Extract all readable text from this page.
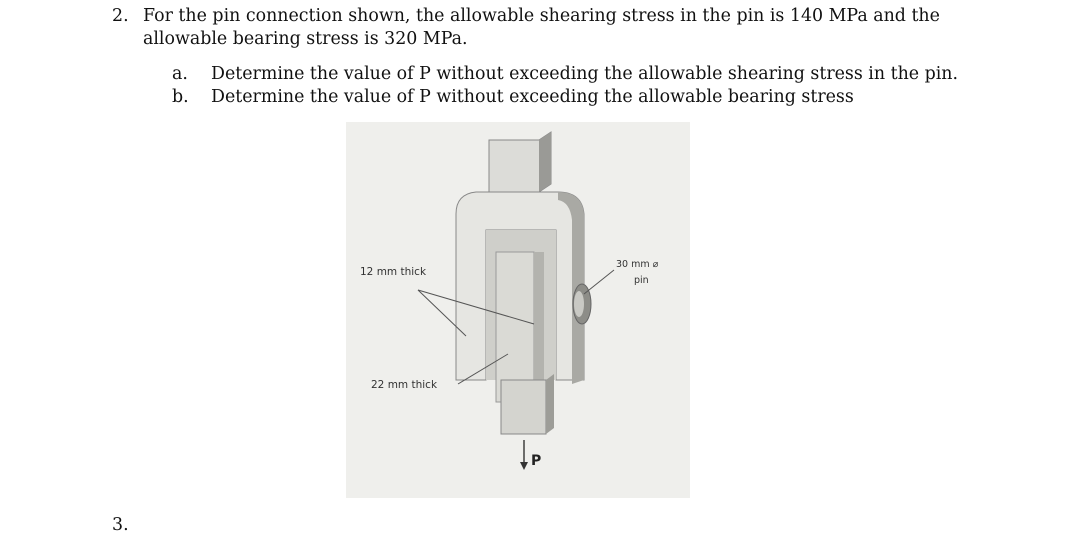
2. For the pin connection shown, the allowable shearing stress in the pin is 140 MPa and the
allowable bearing stress is 320 MPa.
a. Determine the value of P without exceeding the allowable shearing stress in the pin.
b. Determine the value of P without exceeding the allowable bearing stress
12 mm thick
22 mm thick
30 mm ⌀
pin
P
3.
